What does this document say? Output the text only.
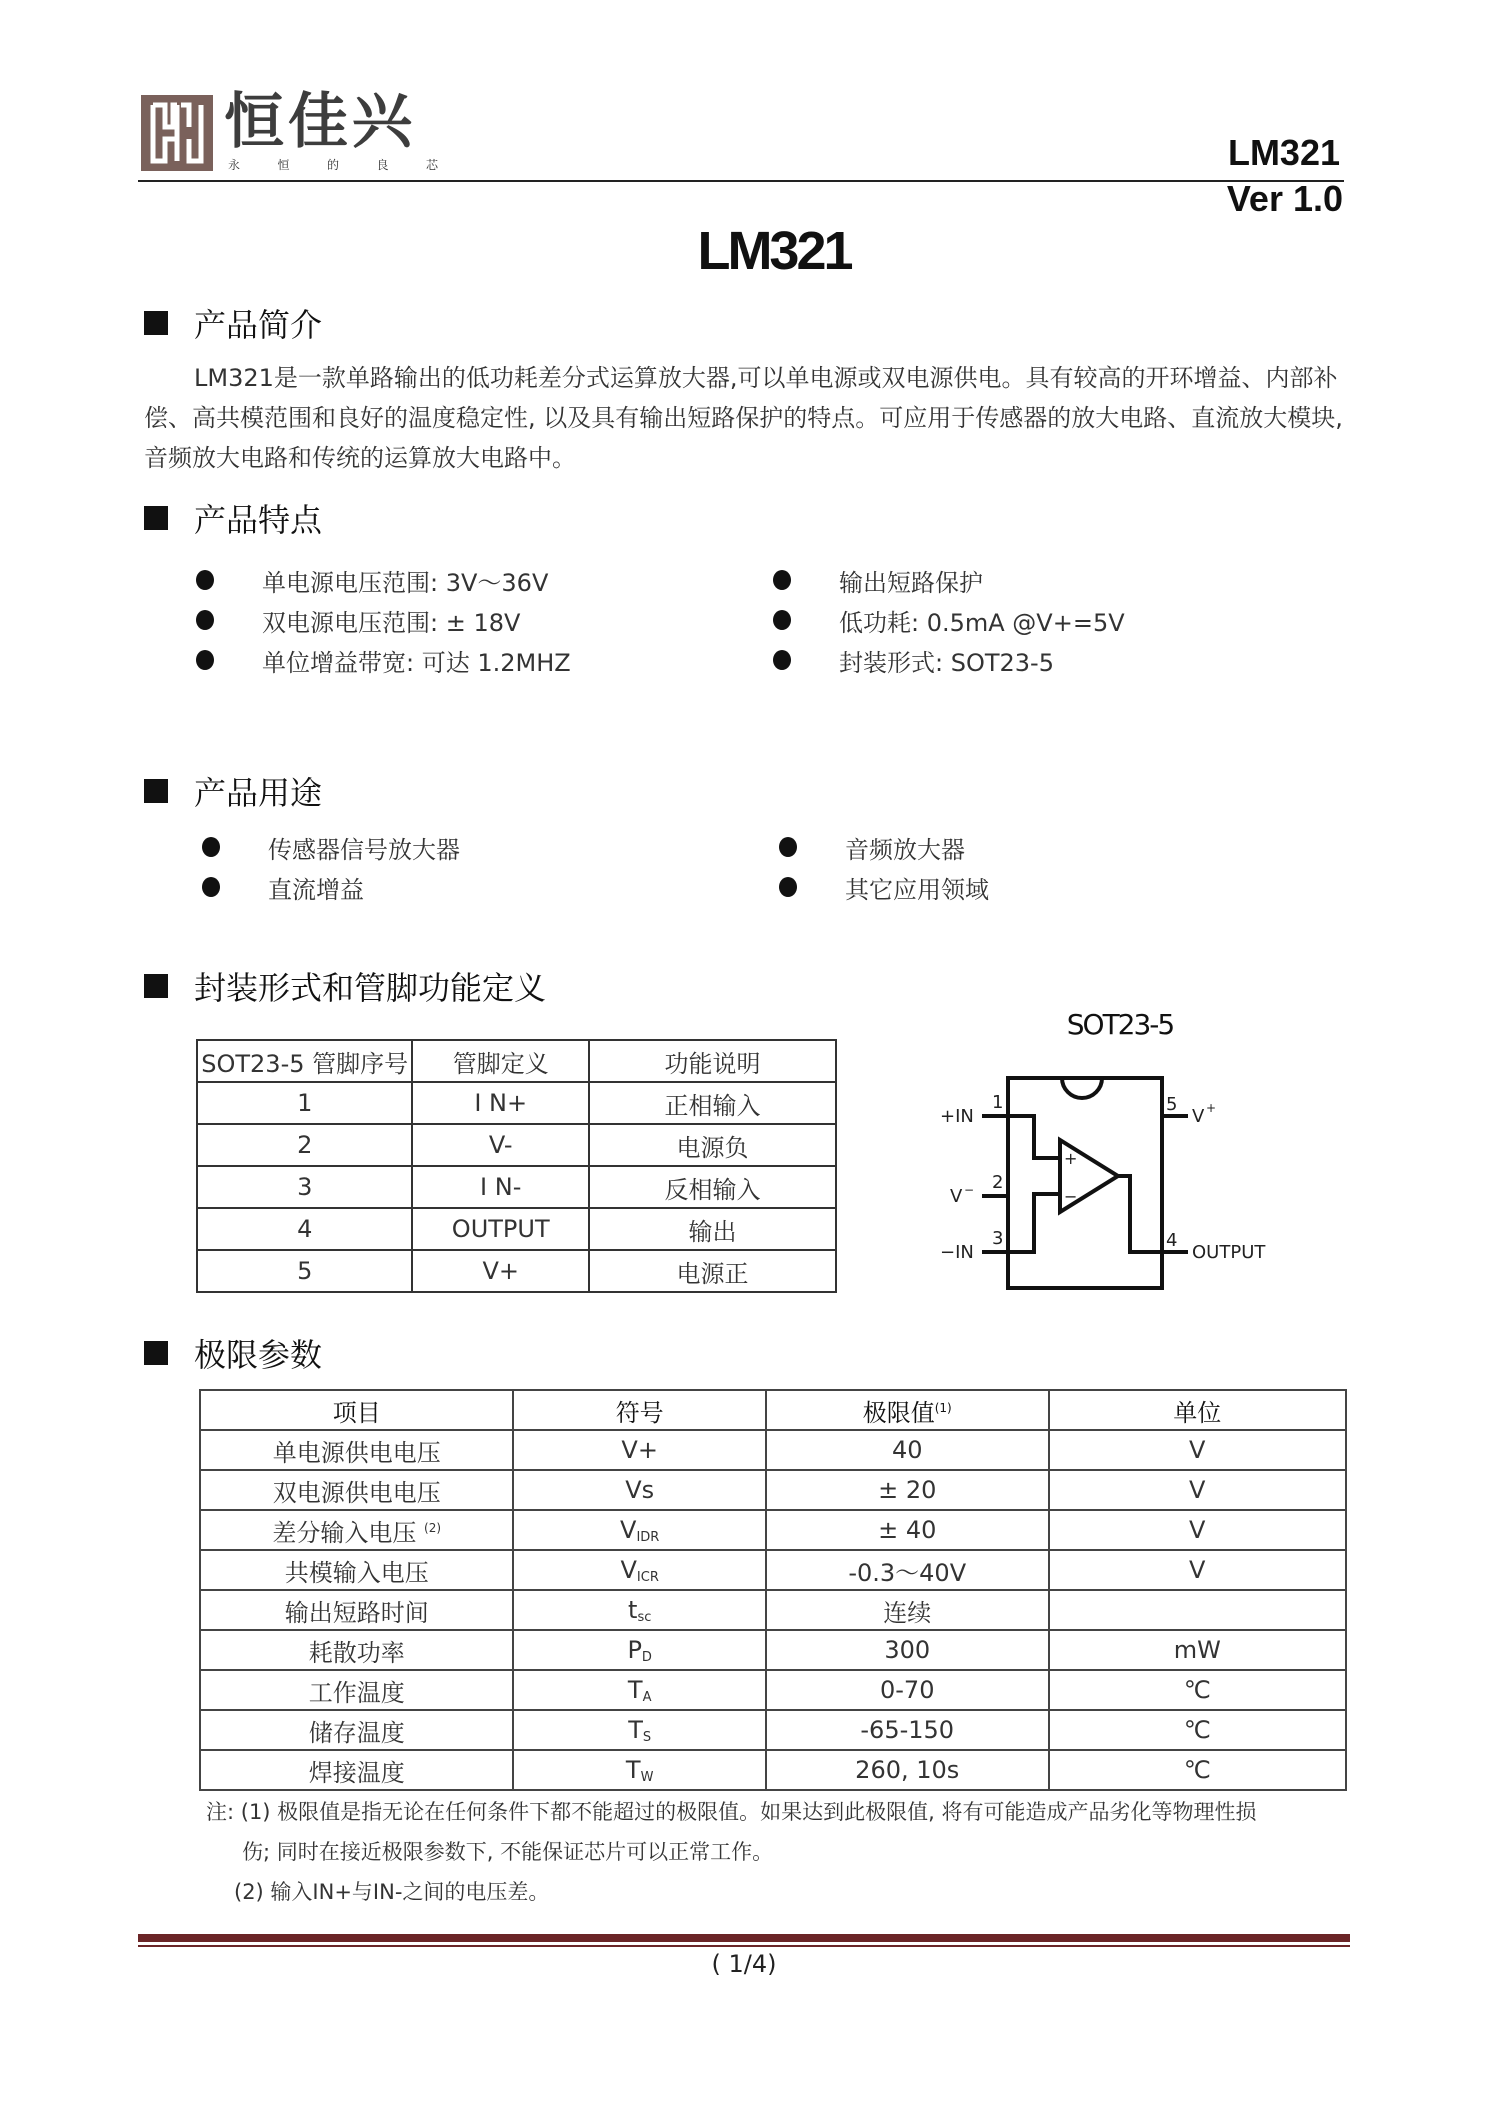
恒佳兴
永	恒	的	良	芯	LM321
Ver 1.0
LM321
产品简介
LM321是一款单路输出的低功耗差分式运算放大器,可以单电源或双电源供电。具有较高的开环增益、内部补偿、高共模范围和良好的温度稳定性, 以及具有输出短路保护的特点。可应用于传感器的放大电路、直流放大模块, 音频放大电路和传统的运算放大电路中。
产品特点
单电源电压范围: 3V～36V
双电源电压范围: ± 18V
单位增益带宽: 可达 1.2MHZ
输出短路保护
低功耗: 0.5mA @V+=5V
封装形式: SOT23-5
产品用途
传感器信号放大器
直流增益
音频放大器
其它应用领域
封装形式和管脚功能定义
SOT23-5 管脚序号	管脚定义	功能说明
1	I N+	正相输入
2	V-	电源负
3	I N-	反相输入
4	OUTPUT	输出
5	V+	电源正
SOT23-5
1
2
3	4
5
+IN
V −
−IN
V +
OUTPUT
+
−
极限参数
项目	符号	极限值$^{(1)}$	单位
单电源供电电压	V+	40	V
双电源供电电压	Vs	± 20	V
差分输入电压 $^{(2)}$	$V_{IDR}$	± 40	V
共模输入电压	$V_{ICR}$	-0.3～40V	V
输出短路时间	$t_{sc}$	连续	
耗散功率	$P_D$	300	mW
工作温度	$T_A$	0-70	℃
储存温度	$T_S$	-65-150	℃
焊接温度	$T_W$	260, 10s	℃
注: (1) 极限值是指无论在任何条件下都不能超过的极限值。如果达到此极限值, 将有可能造成产品劣化等物理性损
伤; 同时在接近极限参数下, 不能保证芯片可以正常工作。
(2) 输入IN+与IN-之间的电压差。
( 1/4)
